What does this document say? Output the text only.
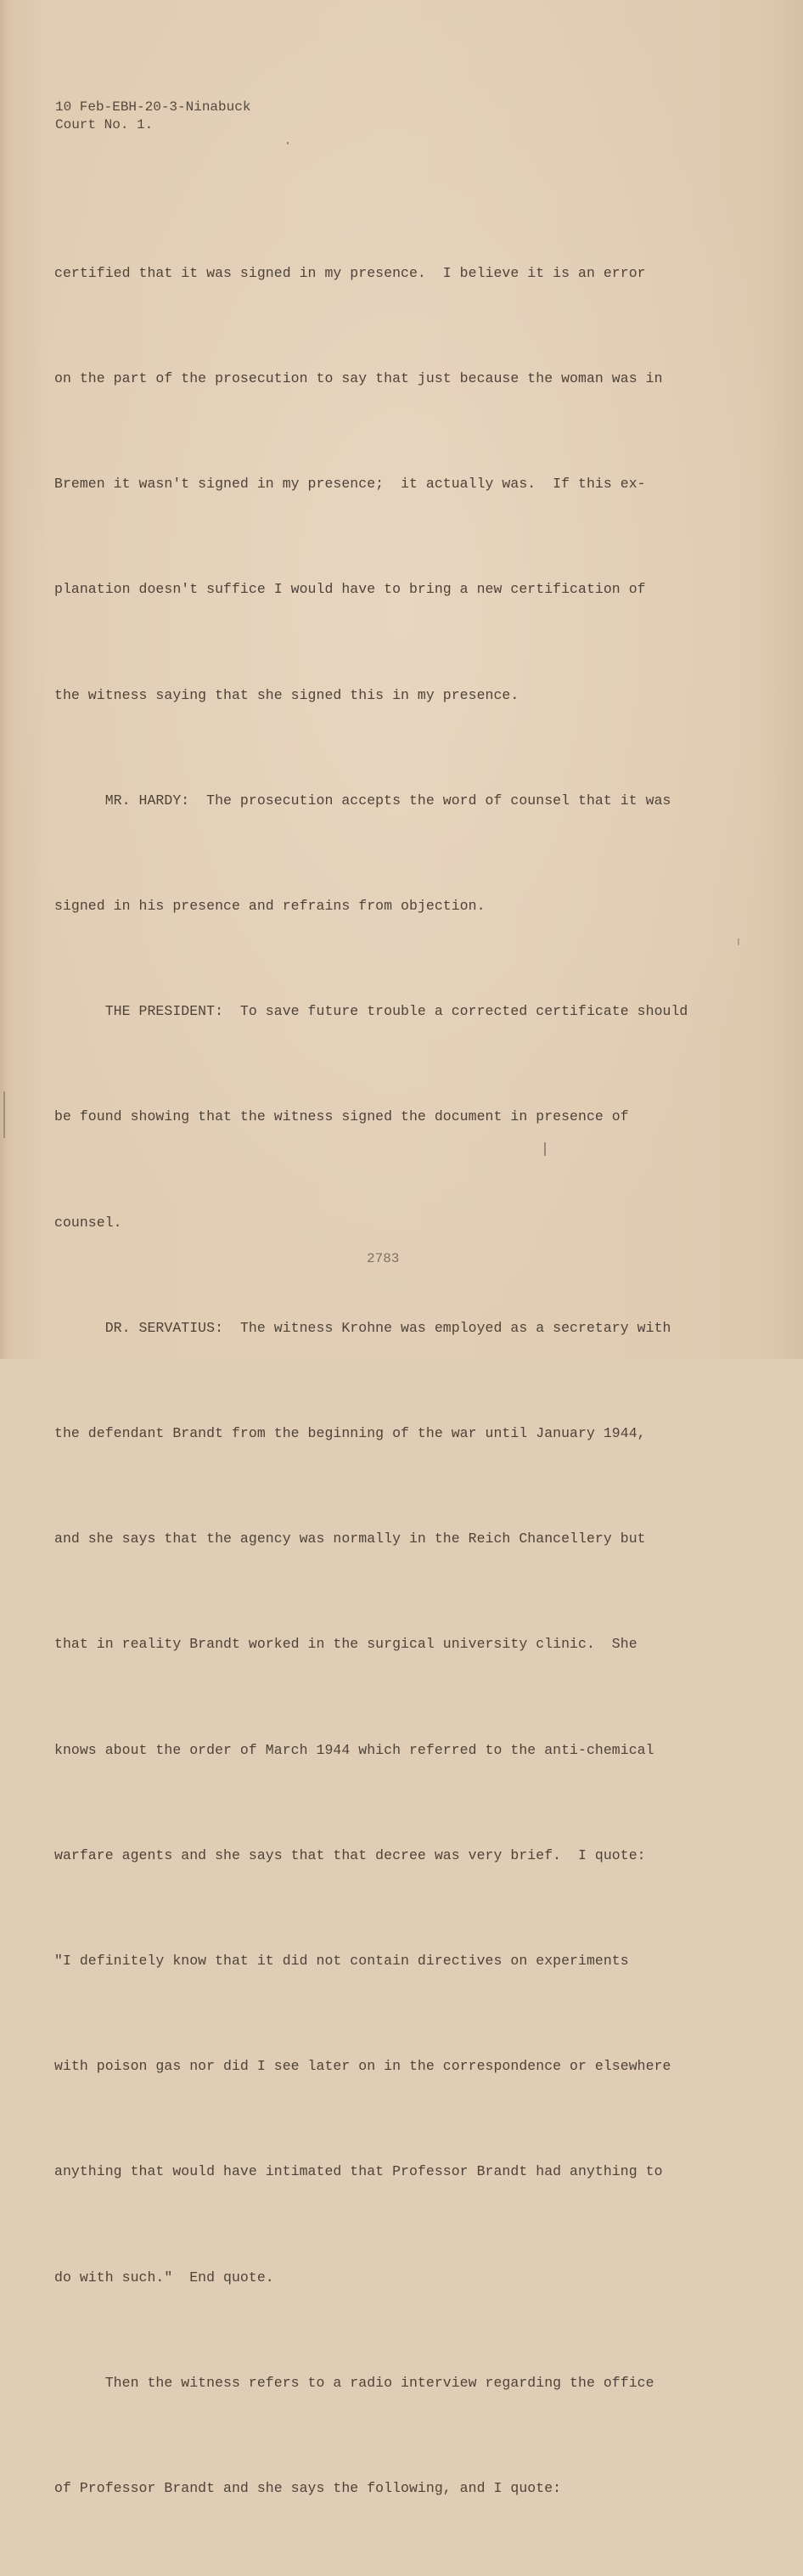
10 Feb-EBH-20-3-Ninabuck
Court No. 1.

certified that it was signed in my presence.  I believe it is an error

on the part of the prosecution to say that just because the woman was in

Bremen it wasn't signed in my presence;  it actually was.  If this ex-

planation doesn't suffice I would have to bring a new certification of

the witness saying that she signed this in my presence.

MR. HARDY:  The prosecution accepts the word of counsel that it was

signed in his presence and refrains from objection.

THE PRESIDENT:  To save future trouble a corrected certificate should

be found showing that the witness signed the document in presence of

counsel.

DR. SERVATIUS:  The witness Krohne was employed as a secretary with

the defendant Brandt from the beginning of the war until January 1944,

and she says that the agency was normally in the Reich Chancellery but

that in reality Brandt worked in the surgical university clinic.  She

knows about the order of March 1944 which referred to the anti-chemical

warfare agents and she says that that decree was very brief.  I quote:

"I definitely know that it did not contain directives on experiments

with poison gas nor did I see later on in the correspondence or elsewhere

anything that would have intimated that Professor Brandt had anything to

do with such."  End quote.

Then the witness refers to a radio interview regarding the office

of Professor Brandt and she says the following, and I quote:

2783
